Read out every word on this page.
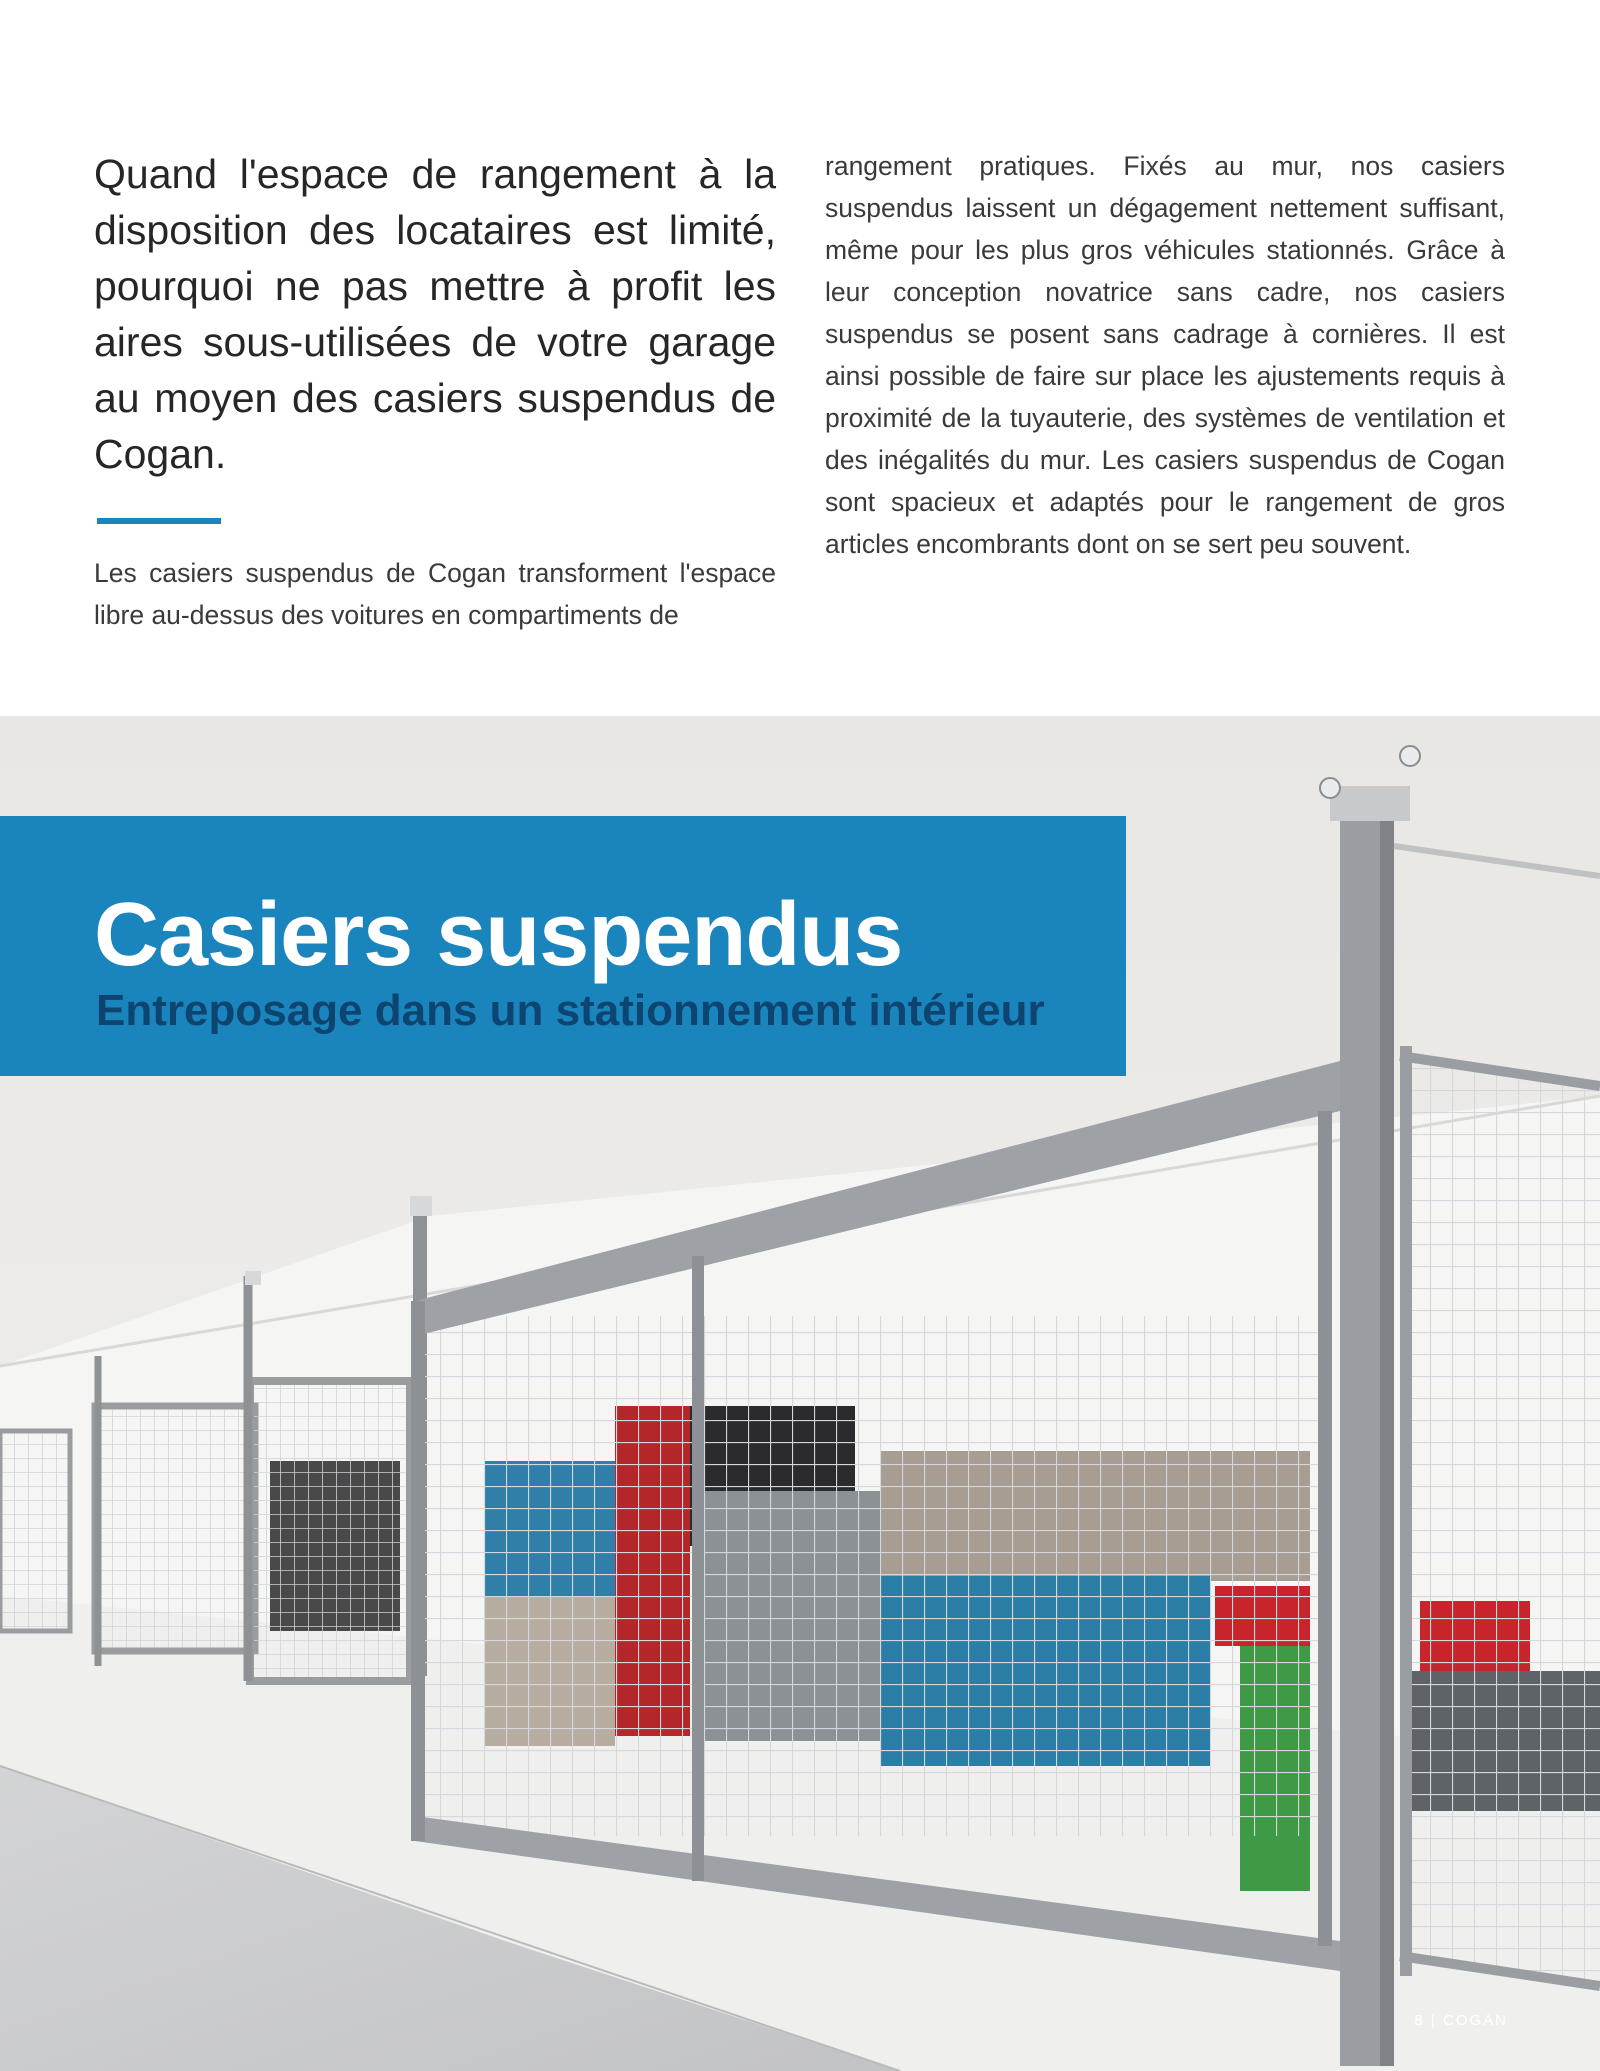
Quand l'espace de rangement à la disposition des locataires est limité, pourquoi ne pas mettre à profit les aires sous-utilisées de votre garage au moyen des casiers suspendus de Cogan.

Les casiers suspendus de Cogan transforment l'espace libre au-dessus des voitures en compartiments de

rangement pratiques. Fixés au mur, nos casiers suspendus laissent un dégagement nettement suffisant, même pour les plus gros véhicules stationnés. Grâce à leur conception novatrice sans cadre, nos casiers suspendus se posent sans cadrage à cornières. Il est ainsi possible de faire sur place les ajustements requis à proximité de la tuyauterie, des systèmes de ventilation et des inégalités du mur. Les casiers suspendus de Cogan sont spacieux et adaptés pour le rangement de gros articles encombrants dont on se sert peu souvent.

Casiers suspendus
Entreposage dans un stationnement intérieur
8 | COGAN
